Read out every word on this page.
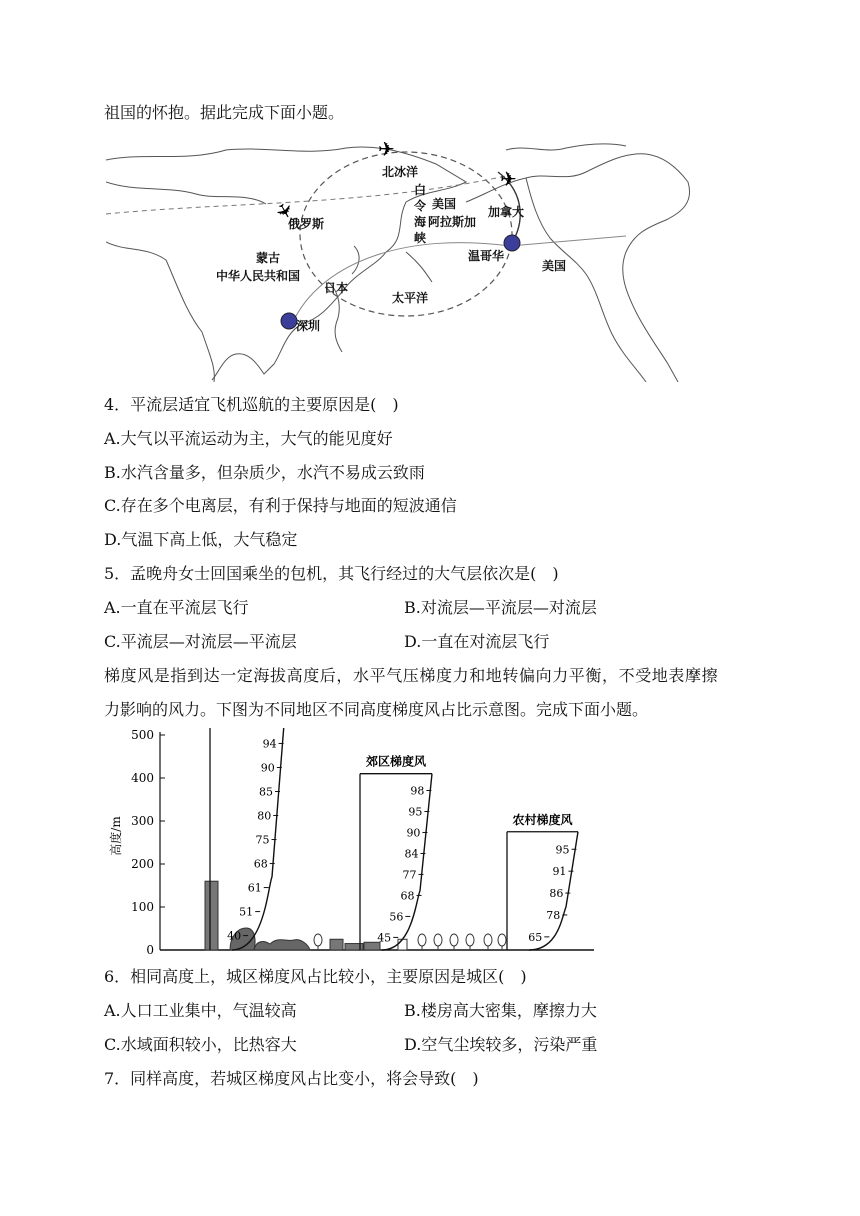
祖国的怀抱。据此完成下面小题。
✈
✈
✈
北冰洋
白
令
海
峡
美国
阿拉斯加
加拿大
俄罗斯
蒙古
中华人民共和国
日本
太平洋
温哥华
美国
深圳
4．平流层适宜飞机巡航的主要原因是(　)
A.大气以平流运动为主，大气的能见度好
B.水汽含量多，但杂质少，水汽不易成云致雨
C.存在多个电离层，有利于保持与地面的短波通信
D.气温下高上低，大气稳定
5．孟晚舟女士回国乘坐的包机，其飞行经过的大气层依次是(　)
A.一直在平流层飞行	B.对流层—平流层—对流层
C.平流层—对流层—平流层	D.一直在对流层飞行
梯度风是指到达一定海拔高度后，水平气压梯度力和地转偏向力平衡，不受地表摩擦
力影响的风力。下图为不同地区不同高度梯度风占比示意图。完成下面小题。
0
100
200
300
400
500
高度/m
40
51
61
68
75
80
85
90
94
郊区梯度风
45
56
68
77
84
90
95
98
农村梯度风
65
78
86
91
95
6．相同高度上，城区梯度风占比较小，主要原因是城区(　)
A.人口工业集中，气温较高	B.楼房高大密集，摩擦力大
C.水域面积较小，比热容大	D.空气尘埃较多，污染严重
7．同样高度，若城区梯度风占比变小，将会导致(　)
